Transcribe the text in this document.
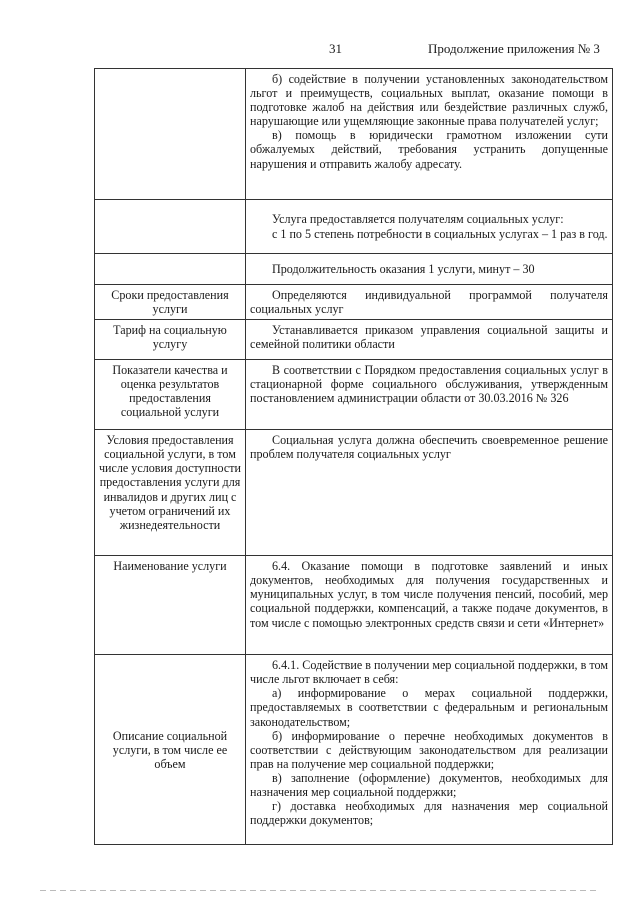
31	Продолжение приложения № 3

	б) содействие в получении установленных законодательством льгот и преимуществ, социальных выплат, оказание помощи в подготовке жалоб на действия или бездействие различных служб, нарушающие или ущемляющие законные права получателей услуг;

в) помощь в юридически грамотном изложении сути обжалуемых действий, требования устранить допущенные нарушения и отправить жалобу адресату.

	Услуга предоставляется получателям социальных услуг:

с 1 по 5 степень потребности в социальных услугах – 1 раз в год.

	Продолжительность оказания 1 услуги, минут – 30

Сроки предоставления услуги	Определяются индивидуальной программой получателя социальных услуг

Тариф на социальную услугу	Устанавливается приказом управления социальной защиты и семейной политики области

Показатели качества и оценка результатов предоставления социальной услуги	В соответствии с Порядком предоставления социальных услуг в стационарной форме социального обслуживания, утвержденным постановлением администрации области от 30.03.2016 № 326

Условия предоставления социальной услуги, в том числе условия доступности предоставления услуги для инвалидов и других лиц с учетом ограничений их жизнедеятельности	Социальная услуга должна обеспечить своевременное решение проблем получателя социальных услуг

Наименование услуги	6.4. Оказание помощи в подготовке заявлений и иных документов, необходимых для получения государственных и муниципальных услуг, в том числе получения пенсий, пособий, мер социальной поддержки, компенсаций, а также подаче документов, в том числе с помощью электронных средств связи и сети «Интернет»

Описание социальной услуги, в том числе ее объем	6.4.1. Содействие в получении мер социальной поддержки, в том числе льгот включает в себя:

а) информирование о мерах социальной поддержки, предоставляемых в соответствии с федеральным и региональным законодательством;

б) информирование о перечне необходимых документов в соответствии с действующим законодательством для реализации прав на получение мер социальной поддержки;

в) заполнение (оформление) документов, необходимых для назначения мер социальной поддержки;

г) доставка необходимых для назначения мер социальной поддержки документов;
